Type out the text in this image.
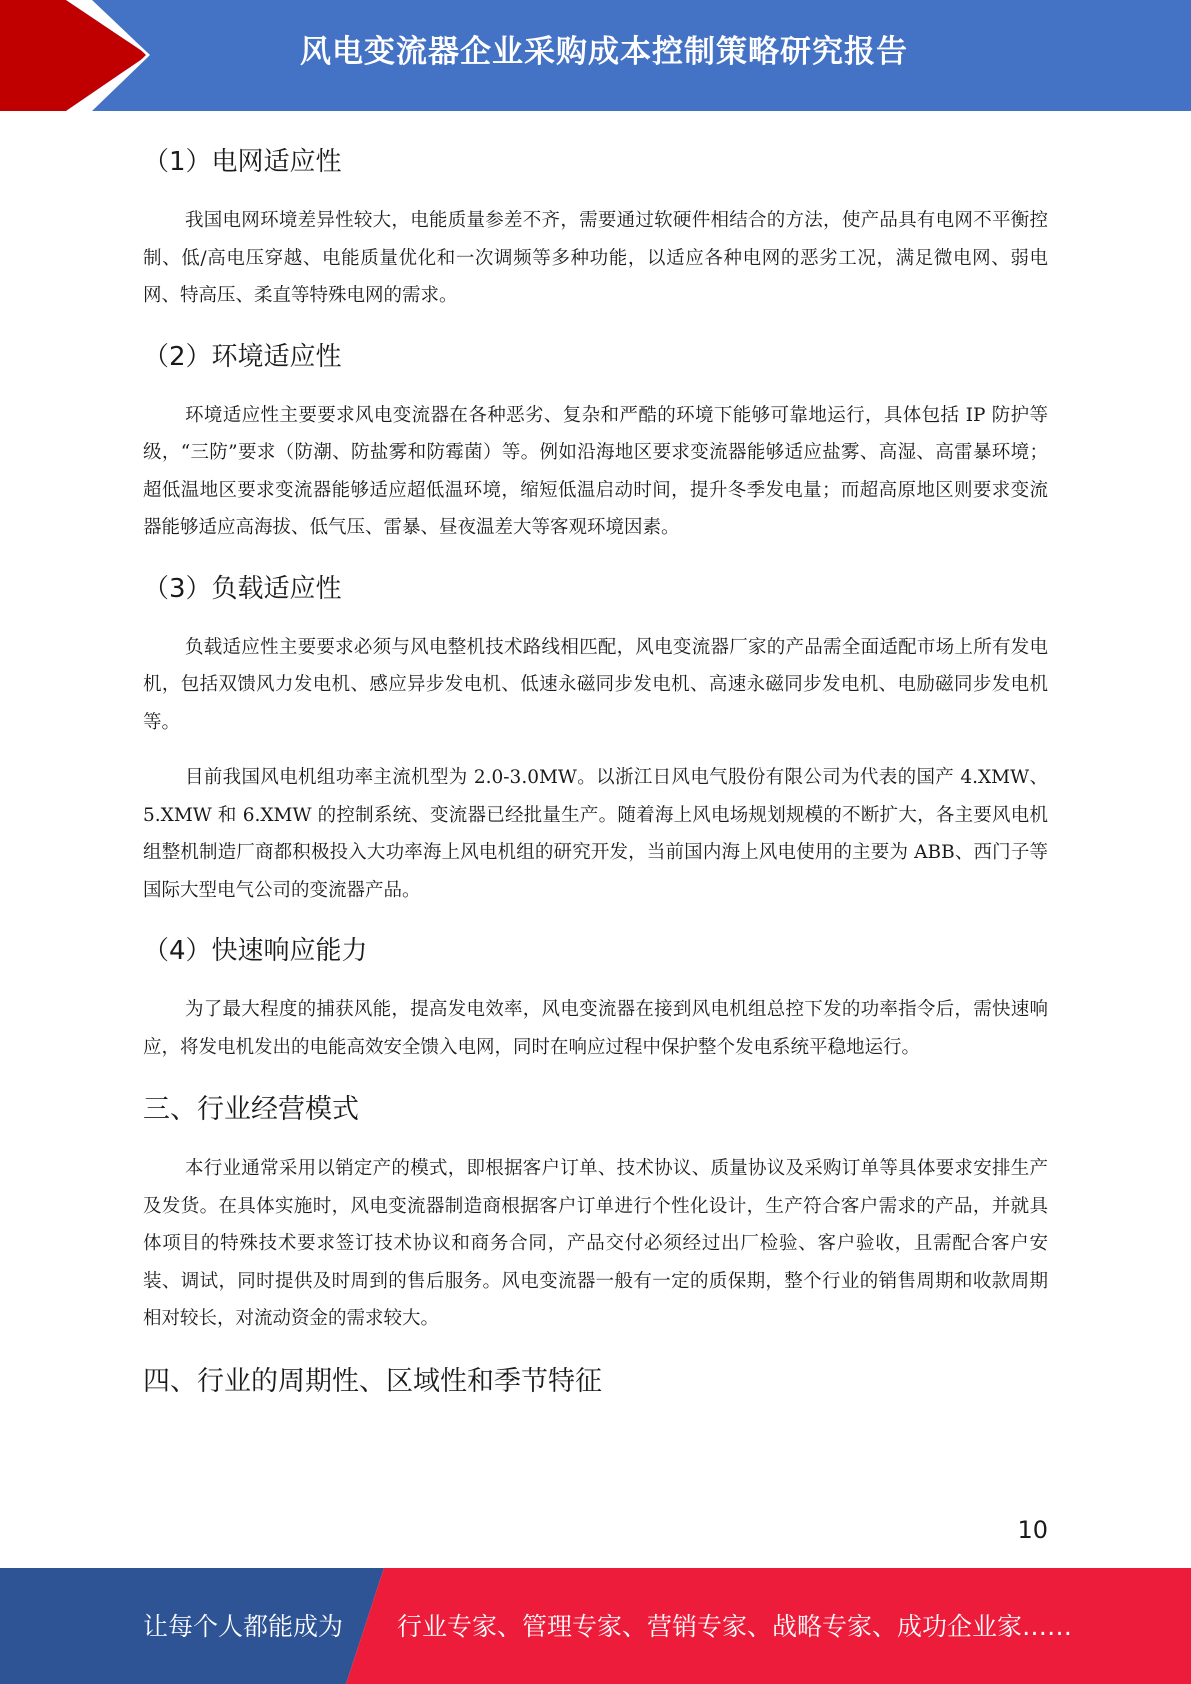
风电变流器企业采购成本控制策略研究报告
（1）电网适应性

我国电网环境差异性较大，电能质量参差不齐，需要通过软硬件相结合的方法，使产品具有电网不平衡控制、低/高电压穿越、电能质量优化和一次调频等多种功能，以适应各种电网的恶劣工况，满足微电网、弱电网、特高压、柔直等特殊电网的需求。

（2）环境适应性

环境适应性主要要求风电变流器在各种恶劣、复杂和严酷的环境下能够可靠地运行，具体包括 IP 防护等级，“三防”要求（防潮、防盐雾和防霉菌）等。例如沿海地区要求变流器能够适应盐雾、高湿、高雷暴环境；超低温地区要求变流器能够适应超低温环境，缩短低温启动时间，提升冬季发电量；而超高原地区则要求变流器能够适应高海拔、低气压、雷暴、昼夜温差大等客观环境因素。

（3）负载适应性

负载适应性主要要求必须与风电整机技术路线相匹配，风电变流器厂家的产品需全面适配市场上所有发电机，包括双馈风力发电机、感应异步发电机、低速永磁同步发电机、高速永磁同步发电机、电励磁同步发电机等。

目前我国风电机组功率主流机型为 2.0-3.0MW。以浙江日风电气股份有限公司为代表的国产 4.XMW、5.XMW 和 6.XMW 的控制系统、变流器已经批量生产。随着海上风电场规划规模的不断扩大，各主要风电机组整机制造厂商都积极投入大功率海上风电机组的研究开发，当前国内海上风电使用的主要为 ABB、西门子等国际大型电气公司的变流器产品。

（4）快速响应能力

为了最大程度的捕获风能，提高发电效率，风电变流器在接到风电机组总控下发的功率指令后，需快速响应，将发电机发出的电能高效安全馈入电网，同时在响应过程中保护整个发电系统平稳地运行。

三、行业经营模式

本行业通常采用以销定产的模式，即根据客户订单、技术协议、质量协议及采购订单等具体要求安排生产及发货。在具体实施时，风电变流器制造商根据客户订单进行个性化设计，生产符合客户需求的产品，并就具体项目的特殊技术要求签订技术协议和商务合同，产品交付必须经过出厂检验、客户验收，且需配合客户安装、调试，同时提供及时周到的售后服务。风电变流器一般有一定的质保期，整个行业的销售周期和收款周期相对较长，对流动资金的需求较大。

四、行业的周期性、区域性和季节特征
10
让每个人都能成为 行业专家、管理专家、营销专家、战略专家、成功企业家……
